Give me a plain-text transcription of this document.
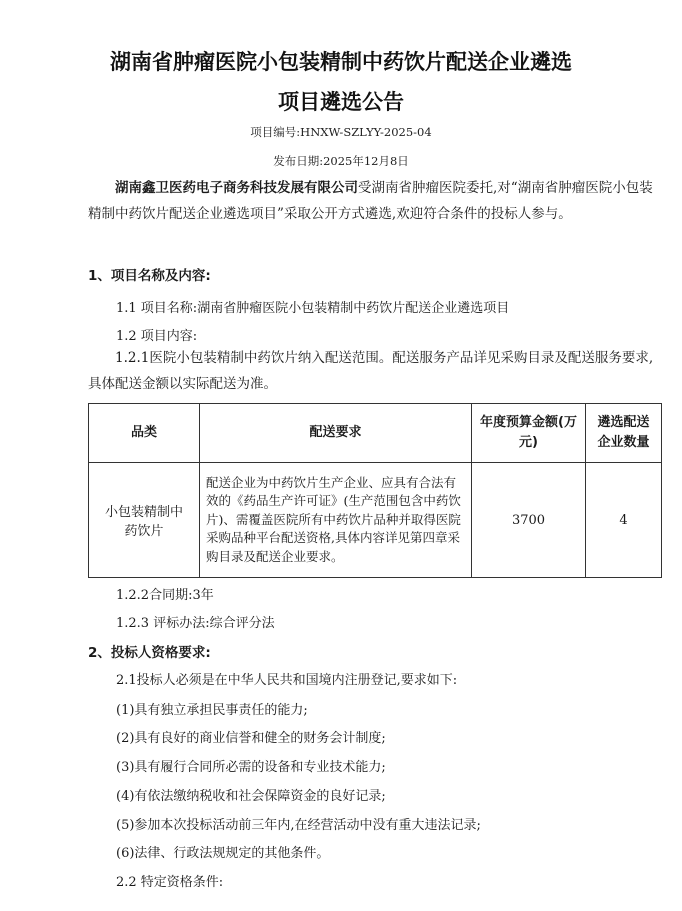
湖南省肿瘤医院小包装精制中药饮片配送企业遴选
项目遴选公告
项目编号:HNXW-SZLYY-2025-04
发布日期:2025年12月8日
湖南鑫卫医药电子商务科技发展有限公司受湖南省肿瘤医院委托,对“湖南省肿瘤医院小包装精制中药饮片配送企业遴选项目”采取公开方式遴选,欢迎符合条件的投标人参与。
1、项目名称及内容:
1.1 项目名称:湖南省肿瘤医院小包装精制中药饮片配送企业遴选项目
1.2 项目内容:
1.2.1医院小包装精制中药饮片纳入配送范围。配送服务产品详见采购目录及配送服务要求,具体配送金额以实际配送为准。
品类	配送要求	年度预算金额(万元)	遴选配送企业数量
小包装精制中药饮片	配送企业为中药饮片生产企业、应具有合法有效的《药品生产许可证》(生产范围包含中药饮片)、需覆盖医院所有中药饮片品种并取得医院采购品种平台配送资格,具体内容详见第四章采购目录及配送企业要求。	3700	4
1.2.2合同期:3年
1.2.3 评标办法:综合评分法
2、投标人资格要求:
2.1投标人必须是在中华人民共和国境内注册登记,要求如下:
(1)具有独立承担民事责任的能力;
(2)具有良好的商业信誉和健全的财务会计制度;
(3)具有履行合同所必需的设备和专业技术能力;
(4)有依法缴纳税收和社会保障资金的良好记录;
(5)参加本次投标活动前三年内,在经营活动中没有重大违法记录;
(6)法律、行政法规规定的其他条件。
2.2 特定资格条件:
